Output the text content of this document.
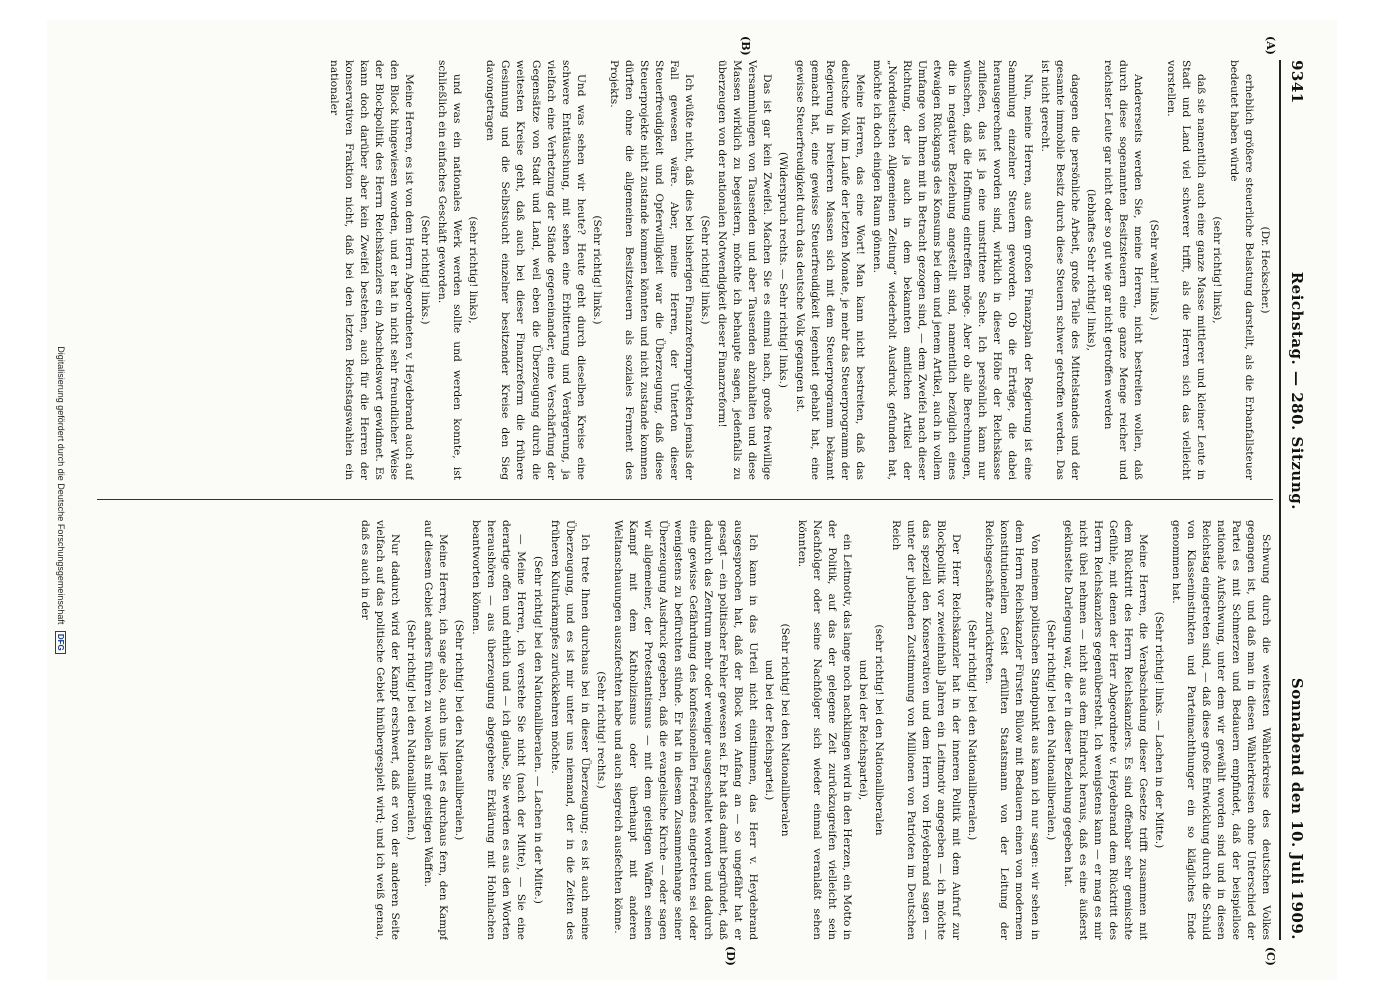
9341
Reichstag. — 280. Sitzung.
Sonnabend den 10. Juli 1909.
(A)
(B)
(C)
(D)

(Dr. Heckscher.)

erheblich größere steuerliche Belastung darstellt, als die Erbanfallsteuer bedeutet haben würde

(sehr richtig! links),

daß sie namentlich auch eine ganze Masse mittlerer und kleiner Leute in Stadt und Land viel schwerer trifft, als die Herren sich das vielleicht vorstellen.

(Sehr wahr! links.)

Andererseits werden Sie, meine Herren, nicht bestreiten wollen, daß durch diese sogenannten Besitzsteuern eine ganze Menge reicher und reichster Leute gar nicht oder so gut wie gar nicht getroffen werden

(lebhaftes Sehr richtig! links),

dagegen die persönliche Arbeit, große Teile des Mittelstandes und der gesamte immobile Besitz durch diese Steuern schwer getroffen werden. Das ist nicht gerecht.

Nun, meine Herren, aus dem großen Finanzplan der Regierung ist eine Sammlung einzelner Steuern geworden. Ob die Erträge, die dabei herausgerechnet worden sind, wirklich in dieser Höhe der Reichskasse zufließen, das ist ja eine umstrittene Sache. Ich persönlich kann nur wünschen, daß die Hoffnung eintreffen möge. Aber ob alle Berechnungen, die in negativer Beziehung angestellt sind, namentlich bezüglich eines etwaigen Rückgangs des Konsums bei dem und jenem Artikel, auch in vollem Umfange von Ihnen mit in Betracht gezogen sind, — dem Zweifel nach dieser Richtung, der ja auch in dem bekannten amtlichen Artikel der „Norddeutschen Allgemeinen Zeitung“ wiederholt Ausdruck gefunden hat, möchte ich doch einigen Raum gönnen.

Meine Herren, das eine Wort! Man kann nicht bestreiten, daß das deutsche Volk im Laufe der letzten Monate, je mehr das Steuerprogramm der Regierung in breiteren Massen sich mit dem Steuerprogramm bekannt gemacht hat, eine gewisse Steuerfreudigkeit legenheit gehabt hat, eine gewisse Steuerfreudigkeit durch das deutsche Volk gegangen ist.

(Widerspruch rechts. — Sehr richtig! links.)

Das ist gar kein Zweifel. Machen Sie es einmal nach, große freiwillige Versammlungen von Tausenden und aber Tausenden abzuhalten und diese Massen wirklich zu begeistern, möchte ich behaupte sagen, jedenfalls zu überzeugen von der nationalen Notwendigkeit dieser Finanzreform!

(Sehr richtig! links.)

Ich wüßte nicht, daß dies bei bisherigen Finanzreformprojekten jemals der Fall gewesen wäre. Aber, meine Herren, der Unterton dieser Steuerfreudigkeit und Opferwilligkeit war die Überzeugung, daß diese Steuerprojekte nicht zustande kommen könnten und nicht zustande kommen dürften ohne die allgemeinen Besitzsteuern als soziales Ferment des Projekts.

(Sehr richtig! links.)

Und was sehen wir heute? Heute geht durch dieselben Kreise eine schwere Enttäuschung, mit sehen eine Erbitterung und Verärgerung, ja vielfach eine Verhetzung der Stände gegeneinander, eine Verschärfung der Gegensätze von Stadt und Land, weil eben die Überzeugung durch die weitesten Kreise geht, daß auch bei dieser Finanzreform die frühere Gesinnung und die Selbstsucht einzelner besitzender Kreise den Sieg davongetragen

(sehr richtig! links),

und was ein nationales Werk werden sollte und werden konnte, ist schließlich ein einfaches Geschäft geworden.

(Sehr richtig! links.)

Meine Herren, es ist von dem Herrn Abgeordneten v. Heydebrand auch auf den Block hingewiesen worden, und er hat in nicht sehr freundlicher Weise der Blockpolitik des Herrn Reichskanzlers ein Abschiedswort gewidmet. Es kann doch darüber aber kein Zweifel bestehen, auch für die Herren der konservativen Fraktion nicht, daß bei den letzten Reichstagswahlen ein nationaler

Schwung durch die weitesten Wählerkreise des deutschen Volkes gegangen ist, und daß man in diesen Wählerkreisen ohne Unterschied der Partei es mit Schmerzen und Bedauern empfindet, daß der beispiellose nationale Aufschwung, unter dem wir gewählt worden sind und in diesen Reichstag eingetreten sind, — daß diese große Entwicklung durch die Schuld von Klasseninstinkten und Parteimachthunger ein so klägliches Ende genommen hat.

(Sehr richtig! links. — Lachen in der Mitte.)

Meine Herren, die Verabschiedung dieser Gesetze trifft zusammen mit dem Rücktritt des Herrn Reichskanzlers. Es sind offenbar sehr gemischte Gefühle, mit denen der Herr Abgeordnete v. Heydebrand dem Rücktritt des Herrn Reichskanzlers gegenübersteht. Ich wenigstens kann — er mag es mir nicht übel nehmen — nicht aus dem Eindruck heraus, daß es eine äußerst gekünstelte Darlegung war, die er in dieser Beziehung gegeben hat.

(Sehr richtig! bei den Nationalliberalen.)

Von meinem politischen Standpunkt aus kann ich nur sagen: wir sehen in dem Herrn Reichskanzler Fürsten Bülow mit Bedauern einen von modernem konstitutionellem Geist erfüllten Staatsmann von der Leitung der Reichsgeschäfte zurücktreten.

(Sehr richtig! bei den Nationalliberalen.)

Der Herr Reichskanzler hat in der inneren Politik mit dem Aufruf zur Blockpolitik vor zweieinhalb Jahren ein Leitmotiv angegeben — ich möchte das speziell den Konservativen und dem Herrn von Heydebrand sagen — unter der jubelnden Zustimmung von Millionen von Patrioten im Deutschen Reich

(sehr richtig! bei den Nationalliberalen

und bei der Reichspartei),

ein Leitmotiv, das lange noch nachklingen wird in den Herzen, ein Motto in der Politik, auf das der gelegene Zeit zurückzugreifen vielleicht sein Nachfolger oder seine Nachfolger sich wieder einmal veranlaßt sehen könnten.

(Sehr richtig! bei den Nationalliberalen

und bei der Reichspartei.)

Ich kann in das Urteil nicht einstimmen, das Herr v. Heydebrand ausgesprochen hat, daß der Block von Anfang an — so ungefähr hat er gesagt — ein politischer Fehler gewesen sei. Er hat das damit begründet, daß dadurch das Zentrum mehr oder weniger ausgeschaltet worden und dadurch eine gewisse Gefährdung des konfessionellen Friedens eingetreten sei oder wenigstens zu befürchten stünde. Er hat in diesem Zusammenhange seiner Überzeugung Ausdruck gegeben, daß die evangelische Kirche — oder sagen wir allgemeiner, der Protestantismus — mit dem geistigen Waffen seinen Kampf mit dem Katholizismus oder überhaupt mit anderen Weltanschauungen auszufechten habe und auch siegreich ausfechten könne.

(Sehr richtig! rechts.)

Ich trete Ihnen durchaus bei in dieser Überzeugung; es ist auch meine Überzeugung, und es ist mir unter uns niemand, der in die Zeiten des früheren Kulturkampfes zurückkehren möchte.

(Sehr richtig! bei den Nationalliberalen. — Lachen in der Mitte.)

— Meine Herren, ich verstehe Sie nicht (nach der Mitte), — Sie eine derartige offen und ehrlich und — ich glaube, Sie werden es aus den Worten heraushören — aus überzeugung abgegebene Erklärung mit Hohnlachen beantworten können.

(Sehr richtig! bei den Nationalliberalen.)

Meine Herren, ich sage also, auch uns liegt es durchaus fern, den Kampf auf diesem Gebiet anders führen zu wollen als mit geistigen Waffen.

(Sehr richtig! bei den Nationalliberalen.)

Nur dadurch wird der Kampf erschwert, daß er von der anderen Seite vielfach auf das politische Gebiet hinübergespielt wird; und ich weiß genau, daß es auch in der

Digitalisierung gefördert durch die Deutsche Forschungsgemeinschaft DFG
